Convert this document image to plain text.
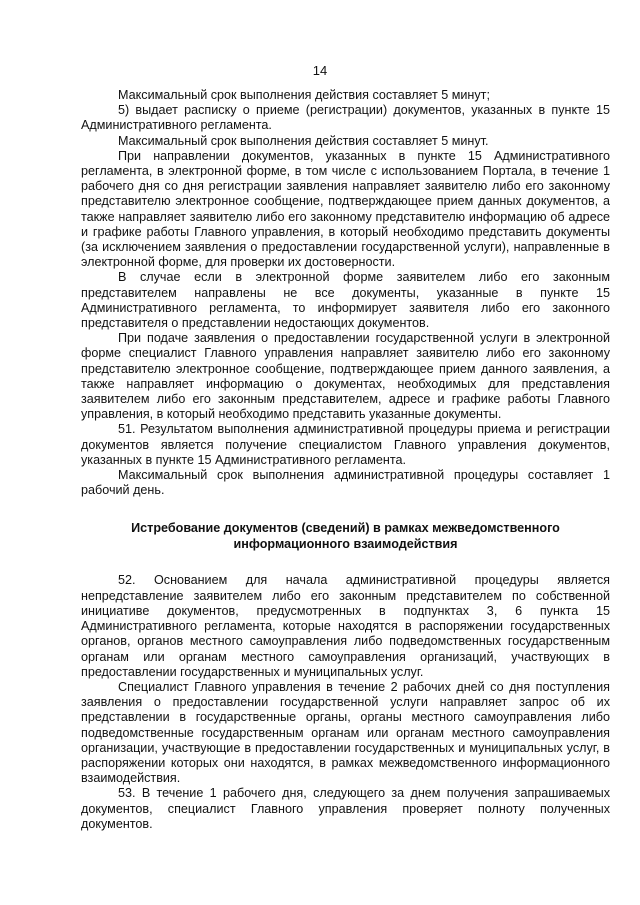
14

Максимальный срок выполнения действия составляет 5 минут;

5) выдает расписку о приеме (регистрации) документов, указанных в пункте 15 Административного регламента.

Максимальный срок выполнения действия составляет 5 минут.

При направлении документов, указанных в пункте 15 Административного регламента, в электронной форме, в том числе с использованием Портала, в течение 1 рабочего дня со дня регистрации заявления направляет заявителю либо его законному представителю электронное сообщение, подтверждающее прием данных документов, а также направляет заявителю либо его законному представителю информацию об адресе и графике работы Главного управления, в который необходимо представить документы (за исключением заявления о предоставлении государственной услуги), направленные в электронной форме, для проверки их достоверности.

В случае если в электронной форме заявителем либо его законным представителем направлены не все документы, указанные в пункте 15 Административного регламента, то информирует заявителя либо его законного представителя о представлении недостающих документов.

При подаче заявления о предоставлении государственной услуги в электронной форме специалист Главного управления направляет заявителю либо его законному представителю электронное сообщение, подтверждающее прием данного заявления, а также направляет информацию о документах, необходимых для представления заявителем либо его законным представителем, адресе и графике работы Главного управления, в который необходимо представить указанные документы.

51. Результатом выполнения административной процедуры приема и регистрации документов является получение специалистом Главного управления документов, указанных в пункте 15 Административного регламента.

Максимальный срок выполнения административной процедуры составляет 1 рабочий день.

Истребование документов (сведений) в рамках межведомственного
информационного взаимодействия

52. Основанием для начала административной процедуры является непредставление заявителем либо его законным представителем по собственной инициативе документов, предусмотренных в подпунктах 3, 6 пункта 15 Административного регламента, которые находятся в распоряжении государственных органов, органов местного самоуправления либо подведомственных государственным органам или органам местного самоуправления организаций, участвующих в предоставлении государственных и муниципальных услуг.

Специалист Главного управления в течение 2 рабочих дней со дня поступления заявления о предоставлении государственной услуги направляет запрос об их представлении в государственные органы, органы местного самоуправления либо подведомственные государственным органам или органам местного самоуправления организации, участвующие в предоставлении государственных и муниципальных услуг, в распоряжении которых они находятся, в рамках межведомственного информационного взаимодействия.

53. В течение 1 рабочего дня, следующего за днем получения запрашиваемых документов, специалист Главного управления проверяет полноту полученных документов.
